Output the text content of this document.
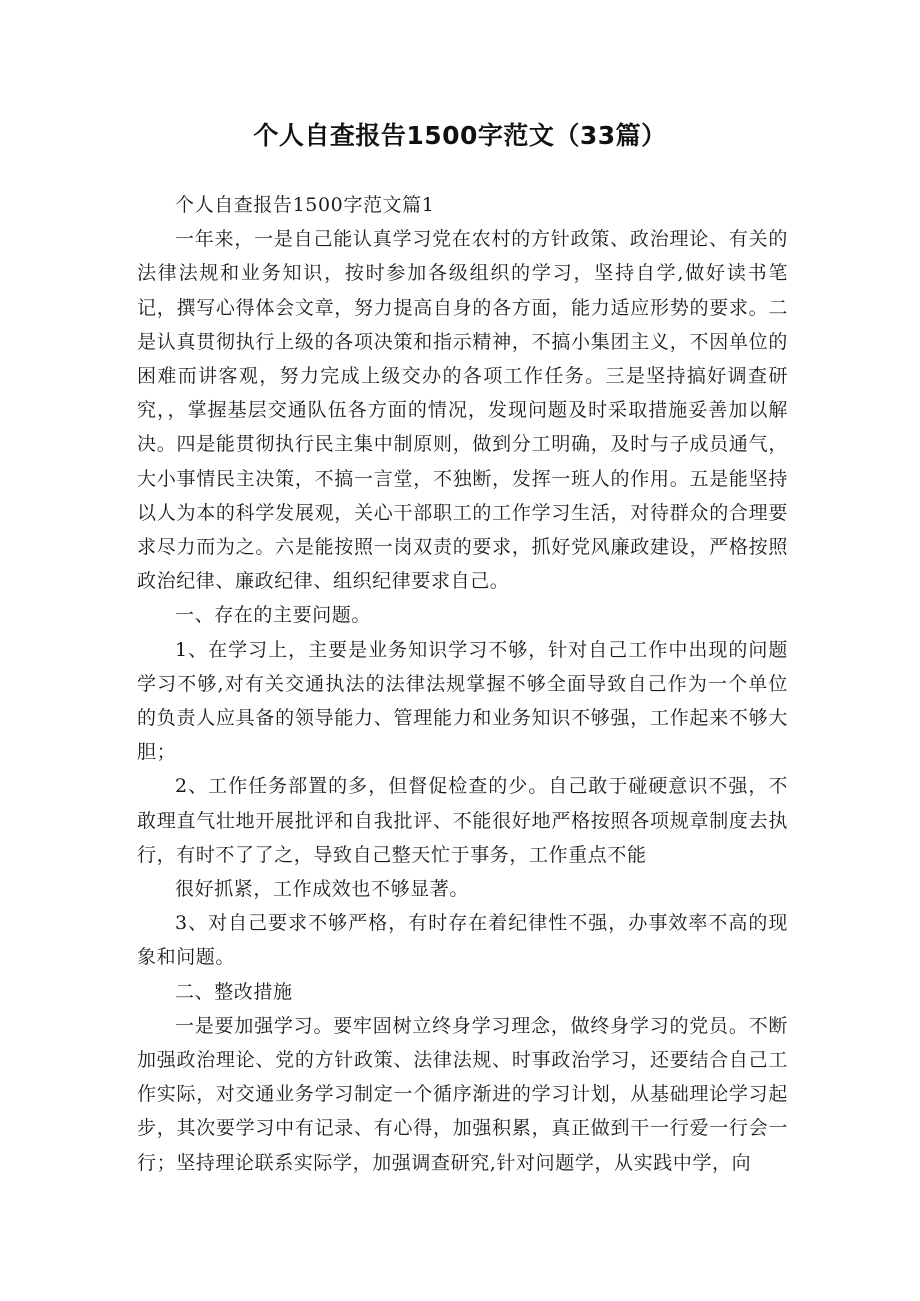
个人自查报告1500字范文（33篇）

个人自查报告1500字范文篇1

一年来，一是自己能认真学习党在农村的方针政策、政治理论、有关的法律法规和业务知识，按时参加各级组织的学习，坚持自学,做好读书笔记，撰写心得体会文章，努力提高自身的各方面，能力适应形势的要求。二是认真贯彻执行上级的各项决策和指示精神，不搞小集团主义，不因单位的困难而讲客观，努力完成上级交办的各项工作任务。三是坚持搞好调查研究，，掌握基层交通队伍各方面的情况，发现问题及时采取措施妥善加以解决。四是能贯彻执行民主集中制原则，做到分工明确，及时与子成员通气，大小事情民主决策，不搞一言堂，不独断，发挥一班人的作用。五是能坚持以人为本的科学发展观，关心干部职工的工作学习生活，对待群众的合理要求尽力而为之。六是能按照一岗双责的要求，抓好党风廉政建设，严格按照政治纪律、廉政纪律、组织纪律要求自己。

一、存在的主要问题。

1、在学习上，主要是业务知识学习不够，针对自己工作中出现的问题学习不够,对有关交通执法的法律法规掌握不够全面导致自己作为一个单位的负责人应具备的领导能力、管理能力和业务知识不够强，工作起来不够大胆；

2、工作任务部置的多，但督促检查的少。自己敢于碰硬意识不强，不敢理直气壮地开展批评和自我批评、不能很好地严格按照各项规章制度去执行，有时不了了之，导致自己整天忙于事务，工作重点不能

很好抓紧，工作成效也不够显著。

3、对自己要求不够严格，有时存在着纪律性不强，办事效率不高的现象和问题。

二、整改措施

一是要加强学习。要牢固树立终身学习理念，做终身学习的党员。不断加强政治理论、党的方针政策、法律法规、时事政治学习，还要结合自己工作实际，对交通业务学习制定一个循序渐进的学习计划，从基础理论学习起步，其次要学习中有记录、有心得，加强积累，真正做到干一行爱一行会一行；坚持理论联系实际学，加强调查研究,针对问题学，从实践中学，向
